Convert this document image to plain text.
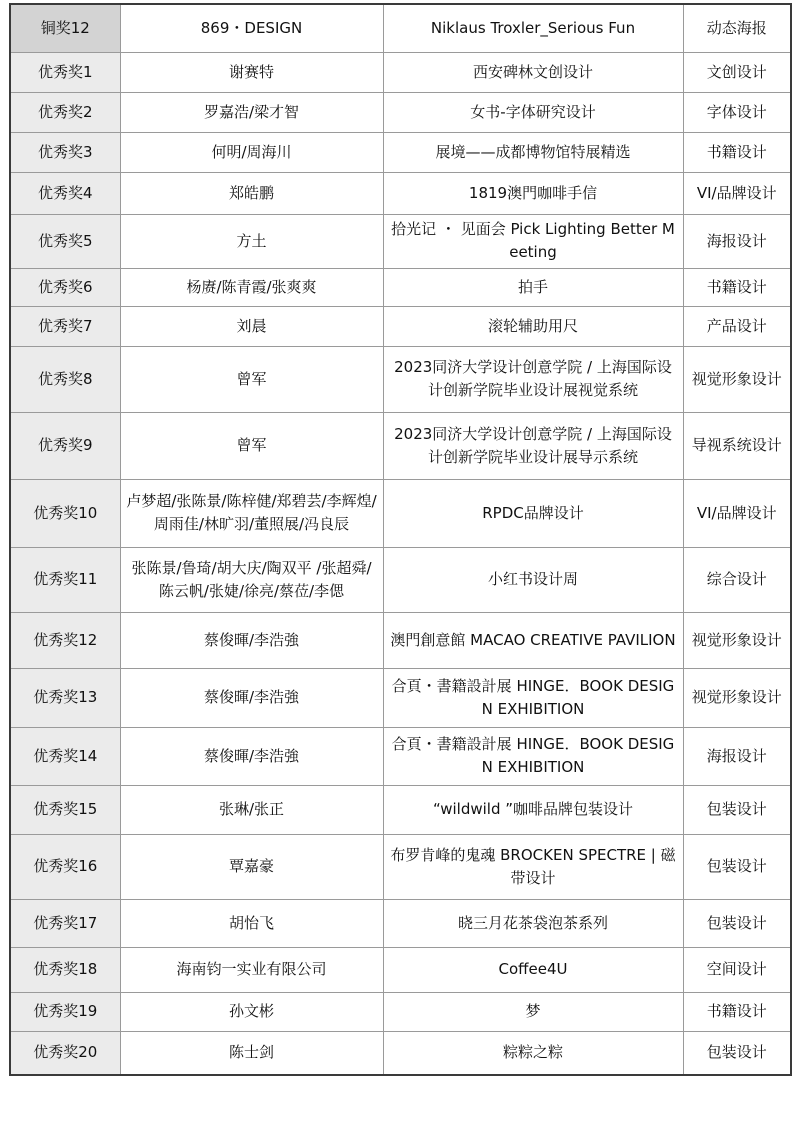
铜奖12	869・DESIGN	Niklaus Troxler_Serious Fun	动态海报
优秀奖1	谢赛特	西安碑林文创设计	文创设计
优秀奖2	罗嘉浩/梁才智	女书-字体研究设计	字体设计
优秀奖3	何明/周海川	展境——成都博物馆特展精选	书籍设计
优秀奖4	郑皓鹏	1819澳門咖啡手信	VI/品牌设计
优秀奖5	方土	拾光记 ・ 见面会 Pick Lighting Better Meeting	海报设计
优秀奖6	杨赓/陈青霞/张爽爽	拍手	书籍设计
优秀奖7	刘晨	滚轮辅助用尺	产品设计
优秀奖8	曾军	2023同济大学设计创意学院 / 上海国际设计创新学院毕业设计展视觉系统	视觉形象设计
优秀奖9	曾军	2023同济大学设计创意学院 / 上海国际设计创新学院毕业设计展导示系统	导视系统设计
优秀奖10	卢梦超/张陈景/陈梓健/郑碧芸/李辉煌/周雨佳/林旷羽/董照展/冯良辰	RPDC品牌设计	VI/品牌设计
优秀奖11	张陈景/鲁琦/胡大庆/陶双平 /张超舜/陈云帆/张婕/徐亮/蔡莅/李偲	小红书设计周	综合设计
优秀奖12	蔡俊暉/李浩強	澳門創意館 MACAO CREATIVE PAVILION	视觉形象设计
优秀奖13	蔡俊暉/李浩強	合頁・書籍設計展 HINGE．BOOK DESIGN EXHIBITION	视觉形象设计
优秀奖14	蔡俊暉/李浩強	合頁・書籍設計展 HINGE．BOOK DESIGN EXHIBITION	海报设计
优秀奖15	张琳/张正	“wildwild ”咖啡品牌包装设计	包装设计
优秀奖16	覃嘉豪	布罗肯峰的鬼魂 BROCKEN SPECTRE | 磁带设计	包装设计
优秀奖17	胡怡飞	晓三月花茶袋泡茶系列	包装设计
优秀奖18	海南钧一实业有限公司	Coffee4U	空间设计
优秀奖19	孙文彬	梦	书籍设计
优秀奖20	陈士剑	粽粽之粽	包装设计
